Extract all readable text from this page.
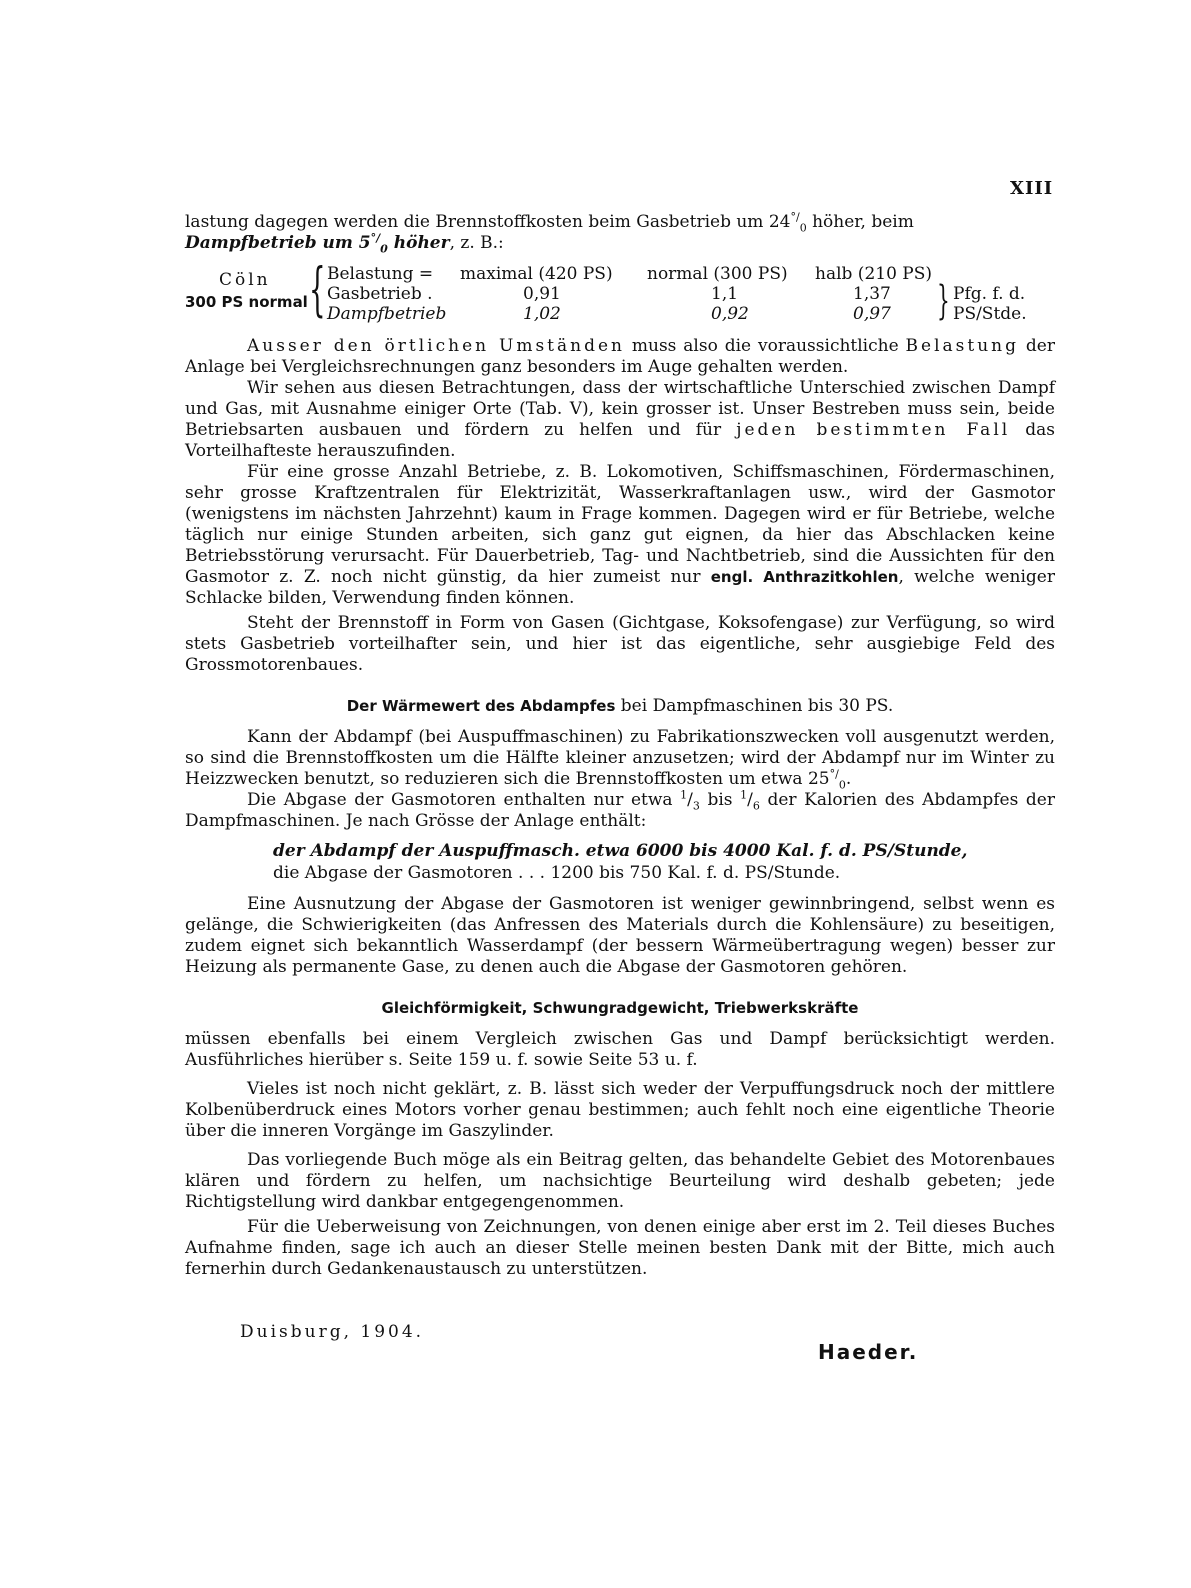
XIII

lastung dagegen werden die Brennstoffkosten beim Gasbetrieb um $24^{^\circ/}_0$ höher, beim
Dampfbetrieb um $5^{^\circ/}_0$ höher, z. B.:

Cöln
300 PS normal { Belastung = maximal (420 PS) normal (300 PS) halb (210 PS)
Gasbetrieb .	0,91	1,1	1,37
Dampfbetrieb	1,02	0,92	0,97 } Pfg. f. d.
PS/Stde.

Ausser den örtlichen Umständen muss also die voraussichtliche Belastung der Anlage bei Vergleichsrechnungen ganz besonders im Auge gehalten werden.

Wir sehen aus diesen Betrachtungen, dass der wirtschaftliche Unterschied zwischen Dampf und Gas, mit Ausnahme einiger Orte (Tab. V), kein grosser ist. Unser Bestreben muss sein, beide Betriebsarten ausbauen und fördern zu helfen und für jeden bestimmten Fall das Vorteilhafteste herauszufinden.

Für eine grosse Anzahl Betriebe, z. B. Lokomotiven, Schiffsmaschinen, Fördermaschinen, sehr grosse Kraftzentralen für Elektrizität, Wasserkraftanlagen usw., wird der Gasmotor (wenigstens im nächsten Jahrzehnt) kaum in Frage kommen. Dagegen wird er für Betriebe, welche täglich nur einige Stunden arbeiten, sich ganz gut eignen, da hier das Abschlacken keine Betriebsstörung verursacht. Für Dauerbetrieb, Tag- und Nachtbetrieb, sind die Aussichten für den Gasmotor z. Z. noch nicht günstig, da hier zumeist nur engl. Anthrazitkohlen, welche weniger Schlacke bilden, Verwendung finden können.

Steht der Brennstoff in Form von Gasen (Gichtgase, Koksofengase) zur Verfügung, so wird stets Gasbetrieb vorteilhafter sein, und hier ist das eigentliche, sehr ausgiebige Feld des Grossmotorenbaues.

Der Wärmewert des Abdampfes bei Dampfmaschinen bis 30 PS.

Kann der Abdampf (bei Auspuffmaschinen) zu Fabrikationszwecken voll ausgenutzt werden, so sind die Brennstoffkosten um die Hälfte kleiner anzusetzen; wird der Abdampf nur im Winter zu Heizzwecken benutzt, so reduzieren sich die Brennstoffkosten um etwa $25^{^\circ/}_0$.

Die Abgase der Gasmotoren enthalten nur etwa $^1/_3$ bis $^1/_6$ der Kalorien des Abdampfes der Dampfmaschinen. Je nach Grösse der Anlage enthält:

der Abdampf der Auspuffmasch. etwa 6000 bis 4000 Kal. f. d. PS/Stunde,
die Abgase der Gasmotoren . . . 1200 bis 750 Kal. f. d. PS/Stunde.

Eine Ausnutzung der Abgase der Gasmotoren ist weniger gewinnbringend, selbst wenn es gelänge, die Schwierigkeiten (das Anfressen des Materials durch die Kohlensäure) zu beseitigen, zudem eignet sich bekanntlich Wasserdampf (der bessern Wärmeübertragung wegen) besser zur Heizung als permanente Gase, zu denen auch die Abgase der Gasmotoren gehören.

Gleichförmigkeit, Schwungradgewicht, Triebwerkskräfte

müssen ebenfalls bei einem Vergleich zwischen Gas und Dampf berücksichtigt werden. Ausführliches hierüber s. Seite 159 u. f. sowie Seite 53 u. f.

Vieles ist noch nicht geklärt, z. B. lässt sich weder der Verpuffungsdruck noch der mittlere Kolbenüberdruck eines Motors vorher genau bestimmen; auch fehlt noch eine eigentliche Theorie über die inneren Vorgänge im Gaszylinder.

Das vorliegende Buch möge als ein Beitrag gelten, das behandelte Gebiet des Motorenbaues klären und fördern zu helfen, um nachsichtige Beurteilung wird deshalb gebeten; jede Richtigstellung wird dankbar entgegengenommen.

Für die Ueberweisung von Zeichnungen, von denen einige aber erst im 2. Teil dieses Buches Aufnahme finden, sage ich auch an dieser Stelle meinen besten Dank mit der Bitte, mich auch fernerhin durch Gedankenaustausch zu unterstützen.

Duisburg, 1904.
Haeder.
